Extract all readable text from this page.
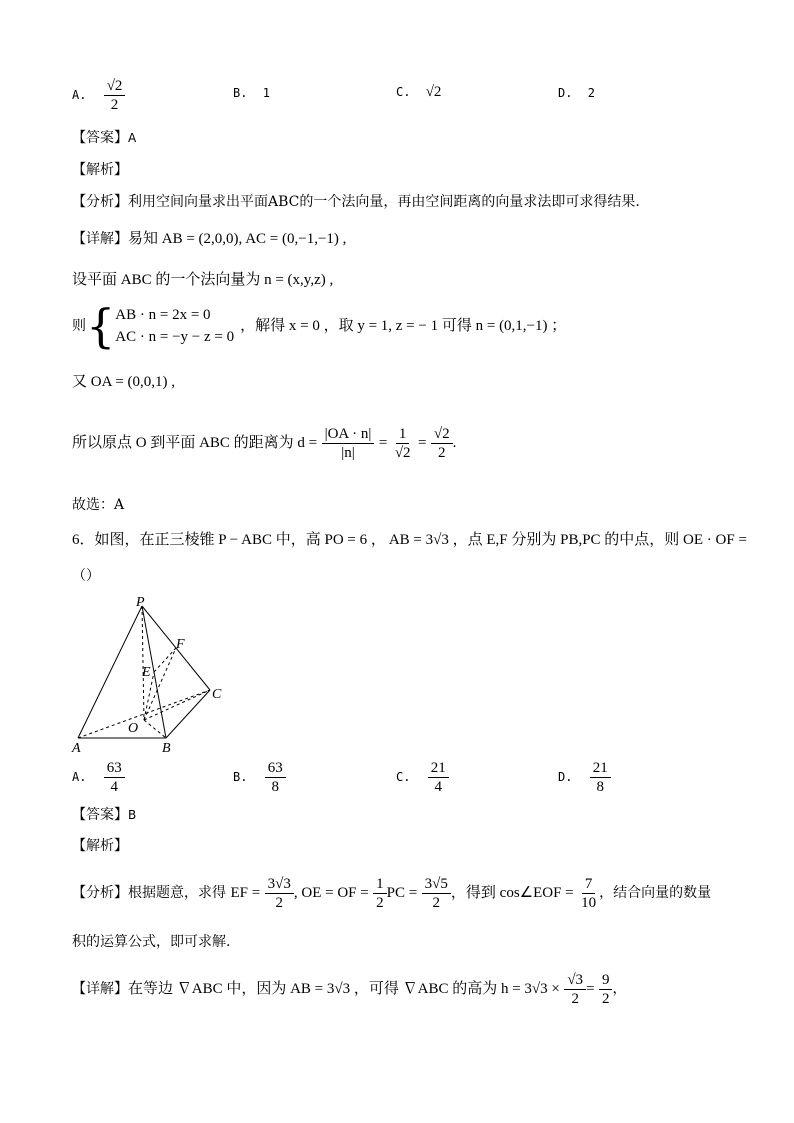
A. $\frac{√2}{2}$	B. 1	C. √2	D. 2
【答案】A
【解析】
【分析】利用空间向量求出平面ABC的一个法向量，再由空间距离的向量求法即可求得结果.
【详解】易知 AB = (2,0,0), AC = (0,−1,−1) ,
设平面 ABC 的一个法向量为 n = (x,y,z) ,
则{AB · n = 2x = 0
AC · n = −y − z = 0，解得 x = 0 ，取 y = 1, z = − 1 可得 n = (0,1,−1) ；
又 OA = (0,0,1) ,
所以原点 O 到平面 ABC 的距离为 $d = \frac{|OA \cdot n|}{|n|} = \frac{1}{√2} = \frac{√2}{2}$ .
故选：A
6．如图，在正三棱锥 P − ABC 中，高 PO = 6 ， AB = 3√3 ，点 E,F 分别为 PB,PC 的中点，则 OE · OF =
（）
P
A	B
C
O
E
F
A. $\frac{63}{4}$	B. $\frac{63}{8}$	C. $\frac{21}{4}$	D. $\frac{21}{8}$
【答案】B
【解析】
【分析】根据题意，求得 EF = $\frac{3√3}{2}$ , OE = OF = $\frac{1}{2}$ PC = $\frac{3√5}{2}$ ，得到 cos∠EOF = $\frac{7}{10}$ ，结合向量的数量
积的运算公式，即可求解.
【详解】在等边 ∇ABC 中，因为 AB = 3√3 ，可得 ∇ABC 的高为 $h = 3√3 \times \frac{√3}{2} = \frac{9}{2}$ ，
